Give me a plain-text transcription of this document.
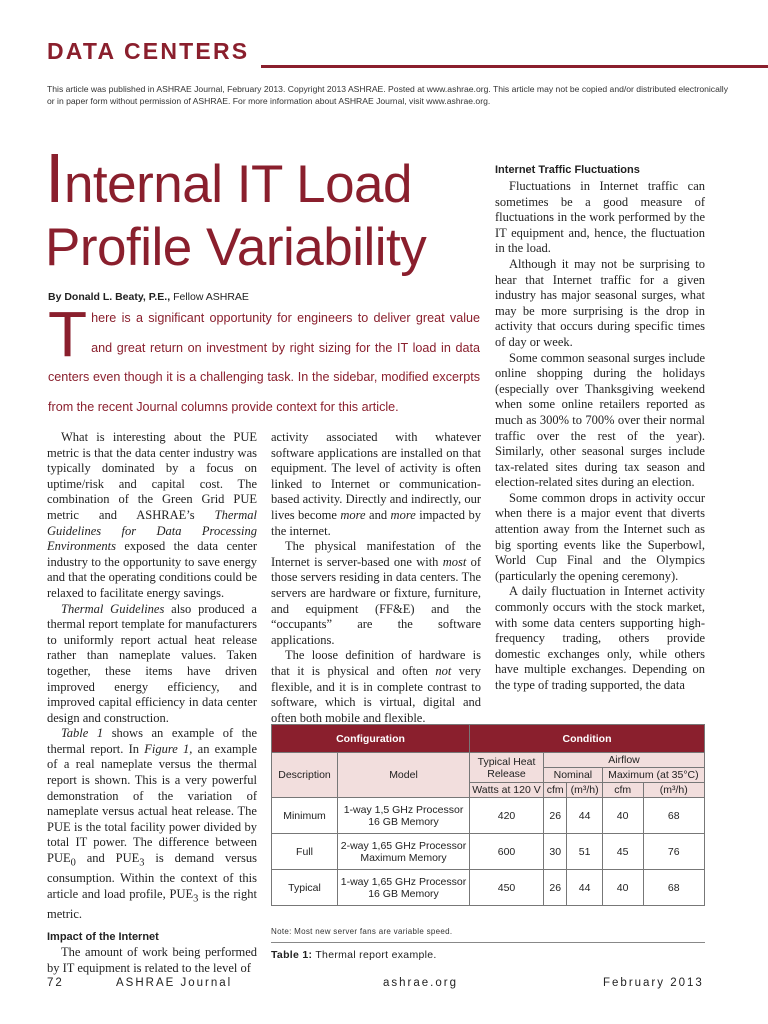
DATA CENTERS
This article was published in ASHRAE Journal, February 2013. Copyright 2013 ASHRAE. Posted at www.ashrae.org. This article may not be copied and/or distributed electronically or in paper form without permission of ASHRAE. For more information about ASHRAE Journal, visit www.ashrae.org.
Internal IT Load
Profile Variability
By Donald L. Beaty, P.E., Fellow ASHRAE
There is a significant opportunity for engineers to deliver great value and great return on investment by right sizing for the IT load in data centers even though it is a challenging task. In the sidebar, modified excerpts from the recent Journal columns provide context for this article.

What is interesting about the PUE metric is that the data center industry was typically dominated by a focus on uptime/risk and capital cost. The combination of the Green Grid PUE metric and ASHRAE’s Thermal Guidelines for Data Processing Environments exposed the data center industry to the opportunity to save energy and that the operating conditions could be relaxed to facilitate energy savings.

Thermal Guidelines also produced a thermal report template for manufacturers to uniformly report actual heat release rather than nameplate values. Taken together, these items have driven improved energy efficiency, and improved capital efficiency in data center design and construction.

Table 1 shows an example of the thermal report. In Figure 1, an example of a real nameplate versus the thermal report is shown. This is a very powerful demonstration of the variation of nameplate versus actual heat release. The PUE is the total facility power divided by total IT power. The difference between $PUE_0$ and $PUE_3$ is demand versus consumption. Within the context of this article and load profile, $PUE_3$ is the right metric.

Impact of the Internet

The amount of work being performed by IT equipment is related to the level of

activity associated with whatever software applications are installed on that equipment. The level of activity is often linked to Internet or communication-based activity. Directly and indirectly, our lives become more and more impacted by the internet.

The physical manifestation of the Internet is server-based one with most of those servers residing in data centers. The servers are hardware or fixture, furniture, and equipment (FF&E) and the “occupants” are the software applications.

The loose definition of hardware is that it is physical and often not very flexible, and it is in complete contrast to software, which is virtual, digital and often both mobile and flexible.

Internet Traffic Fluctuations

Fluctuations in Internet traffic can sometimes be a good measure of fluctuations in the work performed by the IT equipment and, hence, the fluctuation in the load.

Although it may not be surprising to hear that Internet traffic for a given industry has major seasonal surges, what may be more surprising is the drop in activity that occurs during specific times of day or week.

Some common seasonal surges include online shopping during the holidays (especially over Thanksgiving weekend when some online retailers reported as much as 300% to 700% over their normal traffic over the rest of the year). Similarly, other seasonal surges include tax-related sites during tax season and election-related sites during an election.

Some common drops in activity occur when there is a major event that diverts attention away from the Internet such as big sporting events like the Superbowl, World Cup Final and the Olympics (particularly the opening ceremony).

A daily fluctuation in Internet activity commonly occurs with the stock market, with some data centers supporting high-frequency trading, others provide domestic exchanges only, while others have multiple exchanges. Depending on the type of trading supported, the data

Configuration		Condition				
Description	Model	Typical Heat Release	Airflow			
			Nominal		Maximum (at 35°C)	
		Watts at 120 V	cfm	(m³/h)	cfm	(m³/h)
Minimum	1-way 1,5 GHz Processor
16 GB Memory	420	26	44	40	68
Full	2-way 1,65 GHz Processor
Maximum Memory	600	30	51	45	76
Typical	1-way 1,65 GHz Processor
16 GB Memory	450	26	44	40	68
Note: Most new server fans are variable speed.
Table 1: Thermal report example.
72	ASHRAE Journal	ashrae.org	February 2013
